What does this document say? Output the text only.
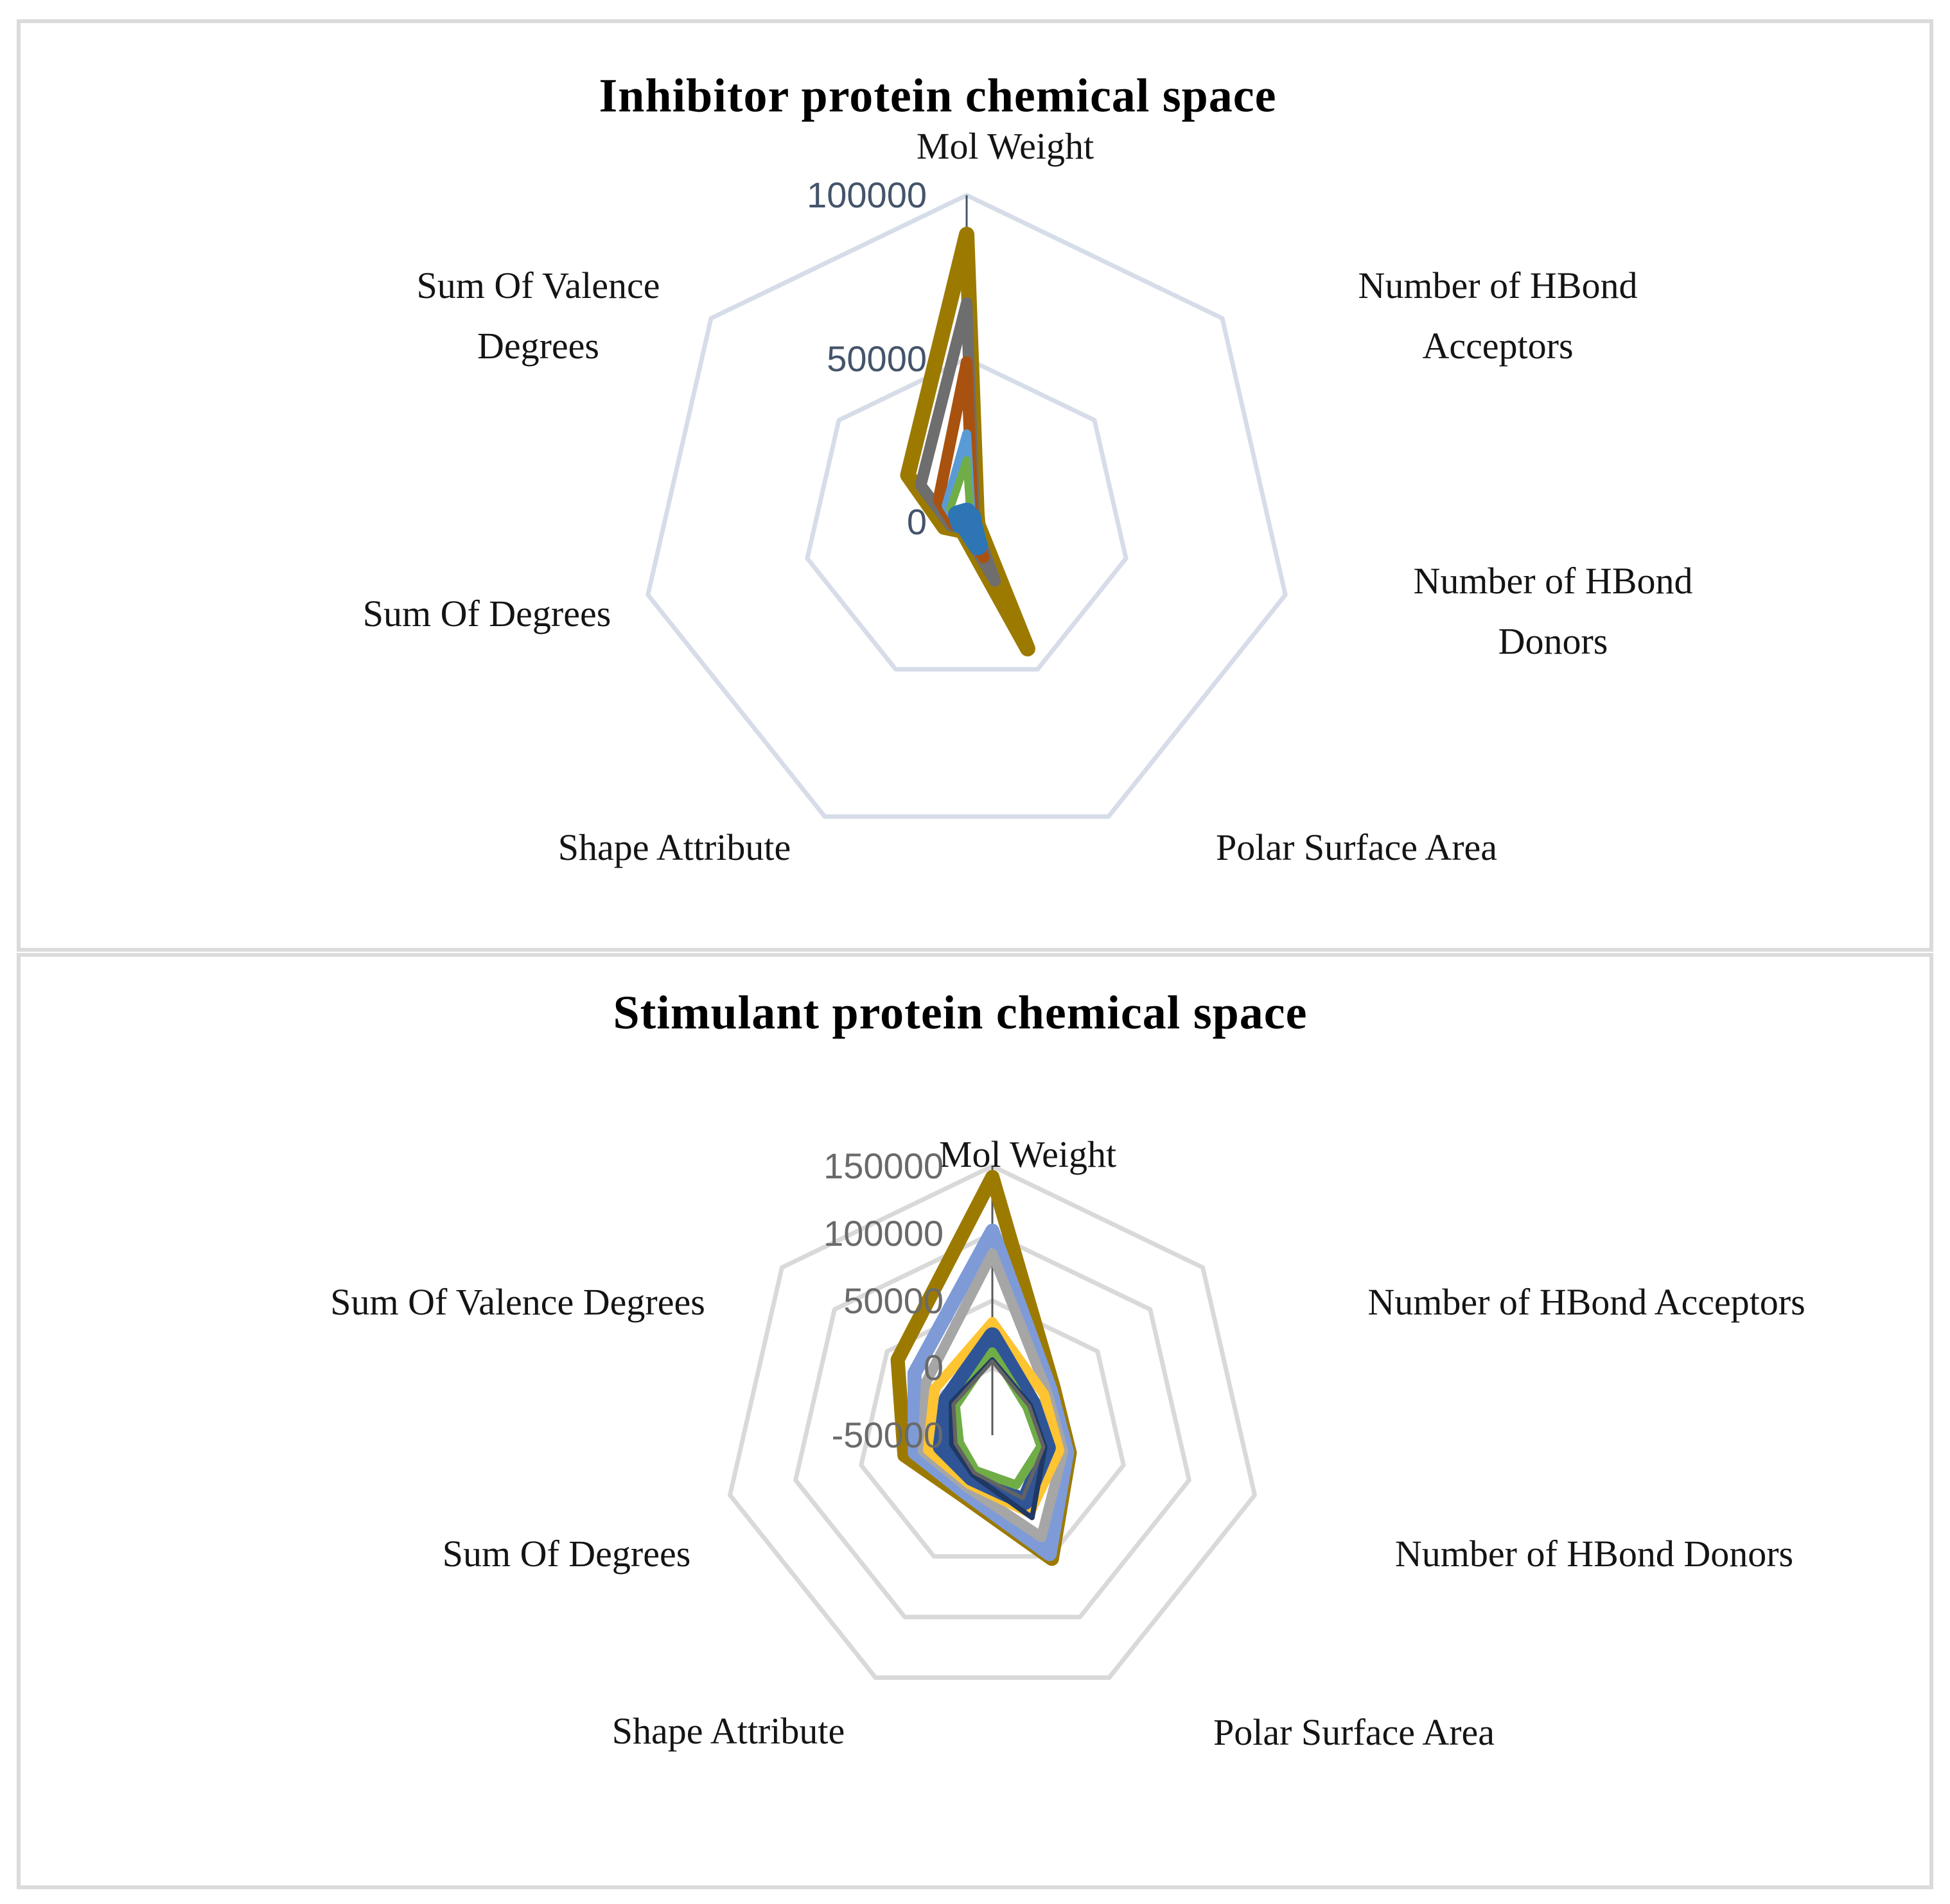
Inhibitor protein chemical space
Stimulant protein chemical space
Mol Weight
Number of HBond Acceptors
Number of HBond Donors
Polar Surface Area
Shape Attribute
Sum Of Degrees
Sum Of Valence Degrees
0
50000
100000
Mol Weight
Number of HBond Acceptors
Number of HBond Donors
Polar Surface Area
Shape Attribute
Sum Of Degrees
Sum Of Valence Degrees
-50000
0
50000
100000
150000
